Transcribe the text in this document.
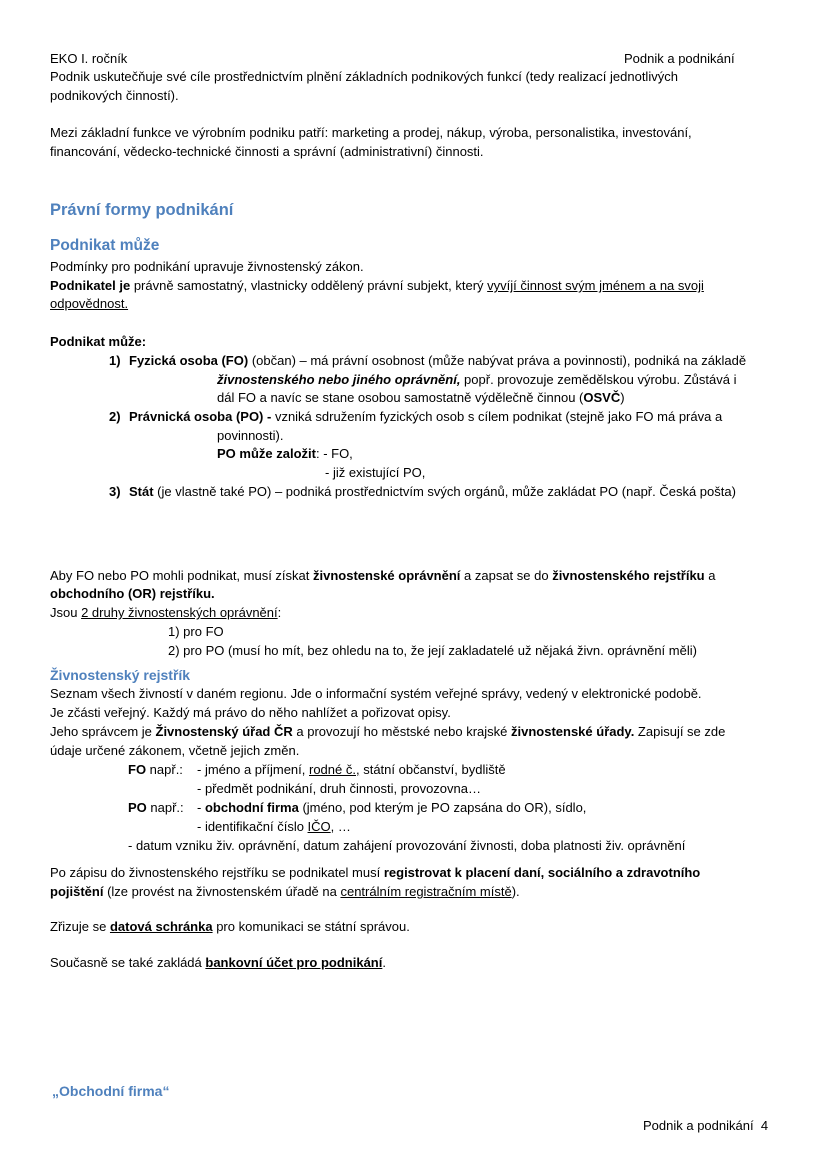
EKO I. ročník	Podnik a podnikání
Podnik uskutečňuje své cíle prostřednictvím plnění základních podnikových funkcí (tedy realizací jednotlivých
podnikových činností).
Mezi základní funkce ve výrobním podniku patří: marketing a prodej, nákup, výroba, personalistika, investování,
financování, vědecko-technické činnosti a správní (administrativní) činnosti.
Právní formy podnikání
Podnikat může
Podmínky pro podnikání upravuje živnostenský zákon.
Podnikatel je právně samostatný, vlastnicky oddělený právní subjekt, který vyvíjí činnost svým jménem a na svoji
odpovědnost.
Podnikat může:
1) Fyzická osoba (FO) (občan) – má právní osobnost (může nabývat práva a povinnosti), podniká na základě
živnostenského nebo jiného oprávnění, popř. provozuje zemědělskou výrobu. Zůstává i
dál FO a navíc se stane osobou samostatně výdělečně činnou (OSVČ)
2) Právnická osoba (PO) - vzniká sdružením fyzických osob s cílem podnikat (stejně jako FO má práva a
povinnosti).
PO může založit: - FO,
- již existující PO,
3) Stát (je vlastně také PO) – podniká prostřednictvím svých orgánů, může zakládat PO (např. Česká pošta)
Aby FO nebo PO mohli podnikat, musí získat živnostenské oprávnění a zapsat se do živnostenského rejstříku a
obchodního (OR) rejstříku.
Jsou 2 druhy živnostenských oprávnění:
1) pro FO
2) pro PO (musí ho mít, bez ohledu na to, že její zakladatelé už nějaká živn. oprávnění měli)
Živnostenský rejstřík
Seznam všech živností v daném regionu. Jde o informační systém veřejné správy, vedený v elektronické podobě.
Je zčásti veřejný. Každý má právo do něho nahlížet a pořizovat opisy.
Jeho správcem je Živnostenský úřad ČR a provozují ho městské nebo krajské živnostenské úřady. Zapisují se zde
údaje určené zákonem, včetně jejich změn.
FO např.: - jméno a příjmení, rodné č., státní občanství, bydliště
- předmět podnikání, druh činnosti, provozovna…
PO např.: - obchodní firma (jméno, pod kterým je PO zapsána do OR), sídlo,
- identifikační číslo IČO, …
- datum vzniku živ. oprávnění, datum zahájení provozování živnosti, doba platnosti živ. oprávnění
Po zápisu do živnostenského rejstříku se podnikatel musí registrovat k placení daní, sociálního a zdravotního
pojištění (lze provést na živnostenském úřadě na centrálním registračním místě).
Zřizuje se datová schránka pro komunikaci se státní správou.
Současně se také zakládá bankovní účet pro podnikání.
„Obchodní firma“
Podnik a podnikání 4
